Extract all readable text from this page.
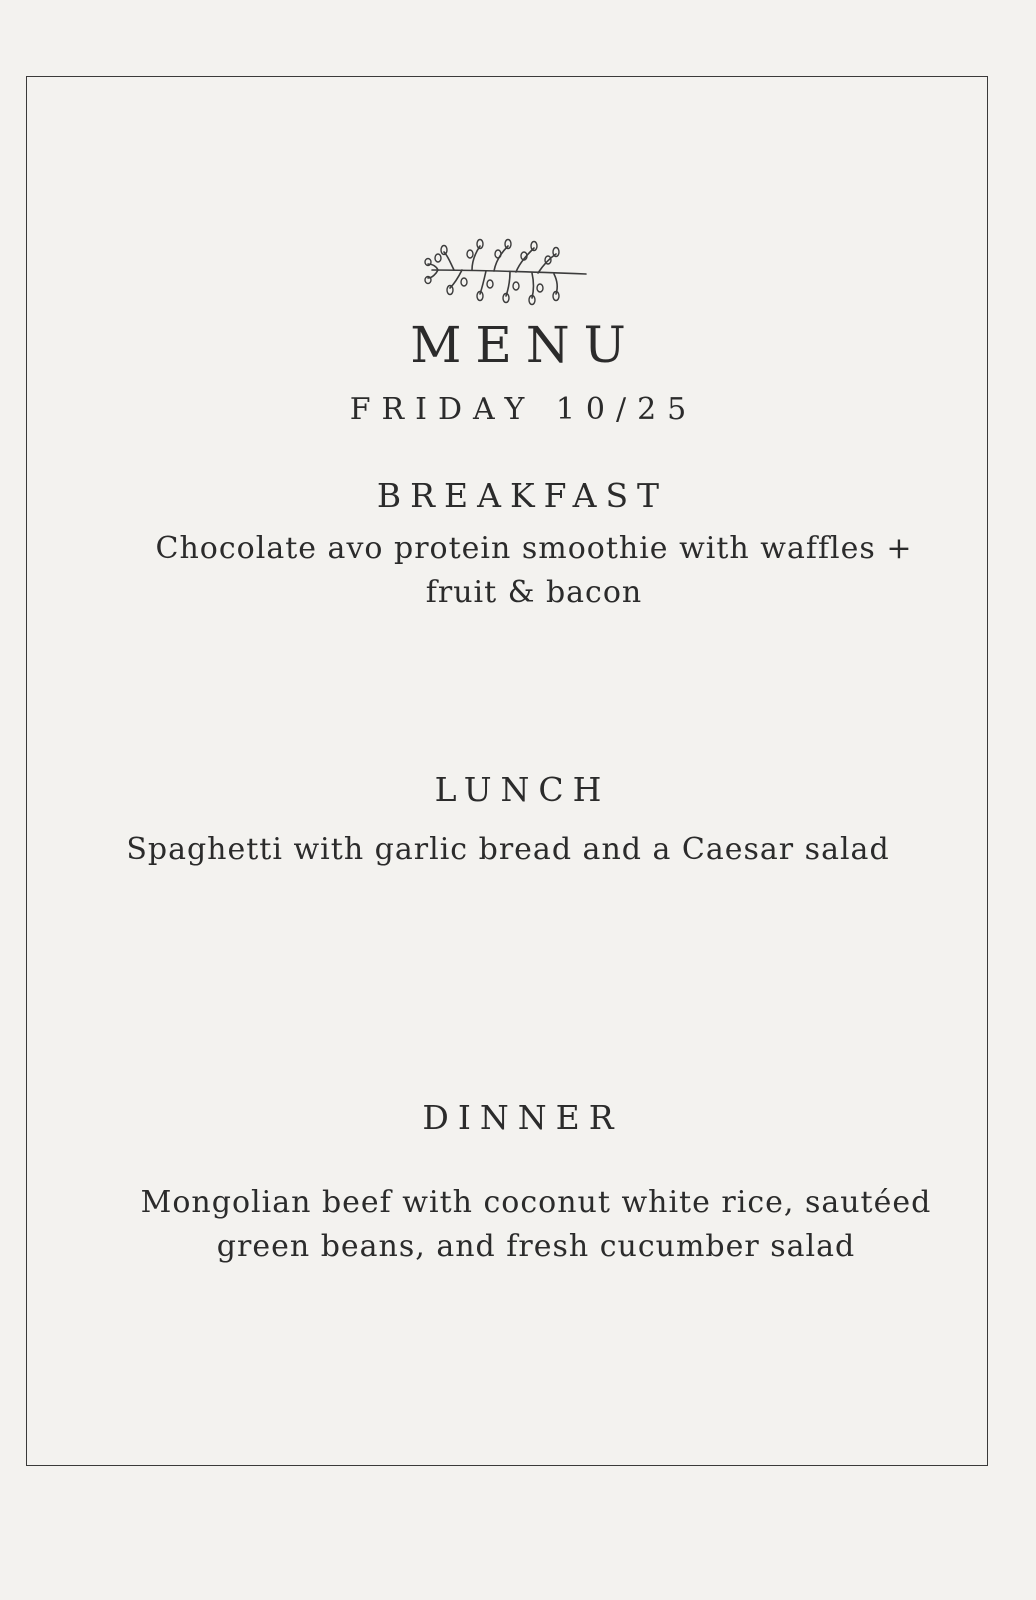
MENU
FRIDAY 10/25
BREAKFAST
Chocolate avo protein smoothie with waffles + fruit & bacon
LUNCH
Spaghetti with garlic bread and a Caesar salad
DINNER
Mongolian beef with coconut white rice, sautéed green beans, and fresh cucumber salad
